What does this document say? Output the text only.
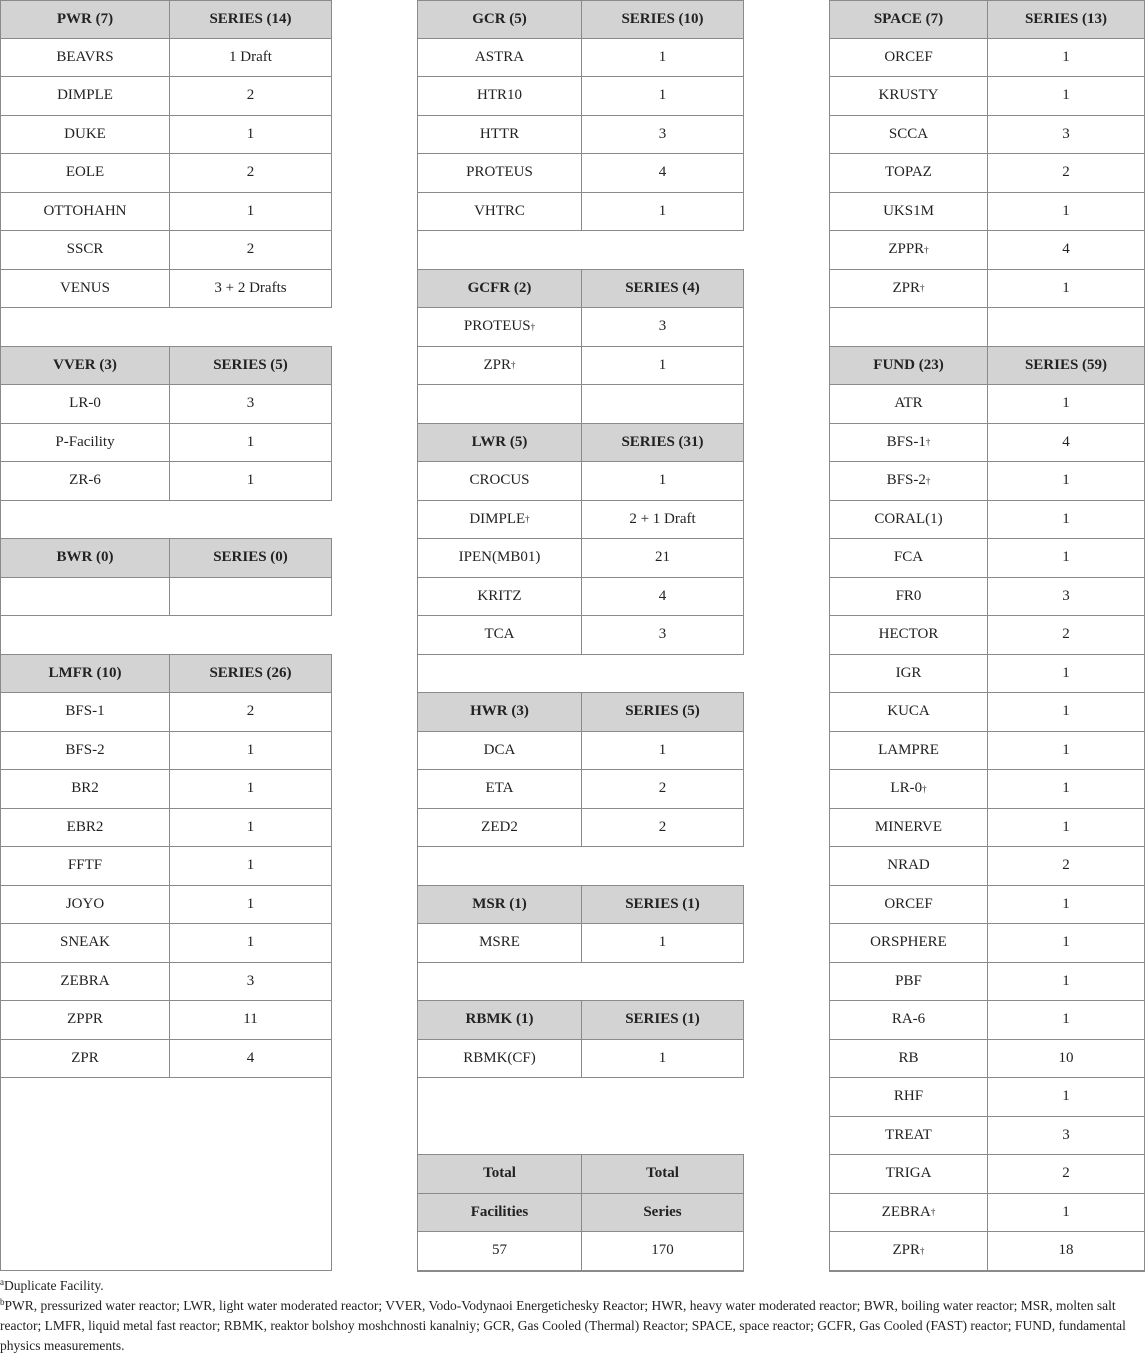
PWR (7)	SERIES (14)
BEAVRS	1 Draft
DIMPLE	2
DUKE	1
EOLE	2
OTTOHAHN	1
SSCR	2
VENUS	3 + 2 Drafts
VVER (3)	SERIES (5)
LR-0	3
P-Facility	1
ZR-6	1
BWR (0)	SERIES (0)
LMFR (10)	SERIES (26)
BFS-1	2
BFS-2	1
BR2	1
EBR2	1
FFTF	1
JOYO	1
SNEAK	1
ZEBRA	3
ZPPR	11
ZPR	4
GCR (5)	SERIES (10)
ASTRA	1
HTR10	1
HTTR	3
PROTEUS	4
VHTRC	1
GCFR (2)	SERIES (4)
PROTEUS †	3
ZPR †	1
LWR (5)	SERIES (31)
CROCUS	1
DIMPLE †	2 + 1 Draft
IPEN(MB01)	21
KRITZ	4
TCA	3
HWR (3)	SERIES (5)
DCA	1
ETA	2
ZED2	2
MSR (1)	SERIES (1)
MSRE	1
RBMK (1)	SERIES (1)
RBMK(CF)	1
Total	Total
Facilities	Series
57	170
SPACE (7)	SERIES (13)
ORCEF	1
KRUSTY	1
SCCA	3
TOPAZ	2
UKS1M	1
ZPPR †	4
ZPR †	1
FUND (23)	SERIES (59)
ATR	1
BFS-1 †	4
BFS-2 †	1
CORAL(1)	1
FCA	1
FR0	3
HECTOR	2
IGR	1
KUCA	1
LAMPRE	1
LR-0 †	1
MINERVE	1
NRAD	2
ORCEF	1
ORSPHERE	1
PBF	1
RA-6	1
RB	10
RHF	1
TREAT	3
TRIGA	2
ZEBRA †	1
ZPR †	18

$^a$Duplicate Facility.

$^b$PWR, pressurized water reactor; LWR, light water moderated reactor; VVER, Vodo-Vodynaoi Energetichesky Reactor; HWR, heavy water moderated reactor; BWR, boiling water reactor; MSR, molten salt reactor; LMFR, liquid metal fast reactor; RBMK, reaktor bolshoy moshchnosti kanalniy; GCR, Gas Cooled (Thermal) Reactor; SPACE, space reactor; GCFR, Gas Cooled (FAST) reactor; FUND, fundamental physics measurements.
